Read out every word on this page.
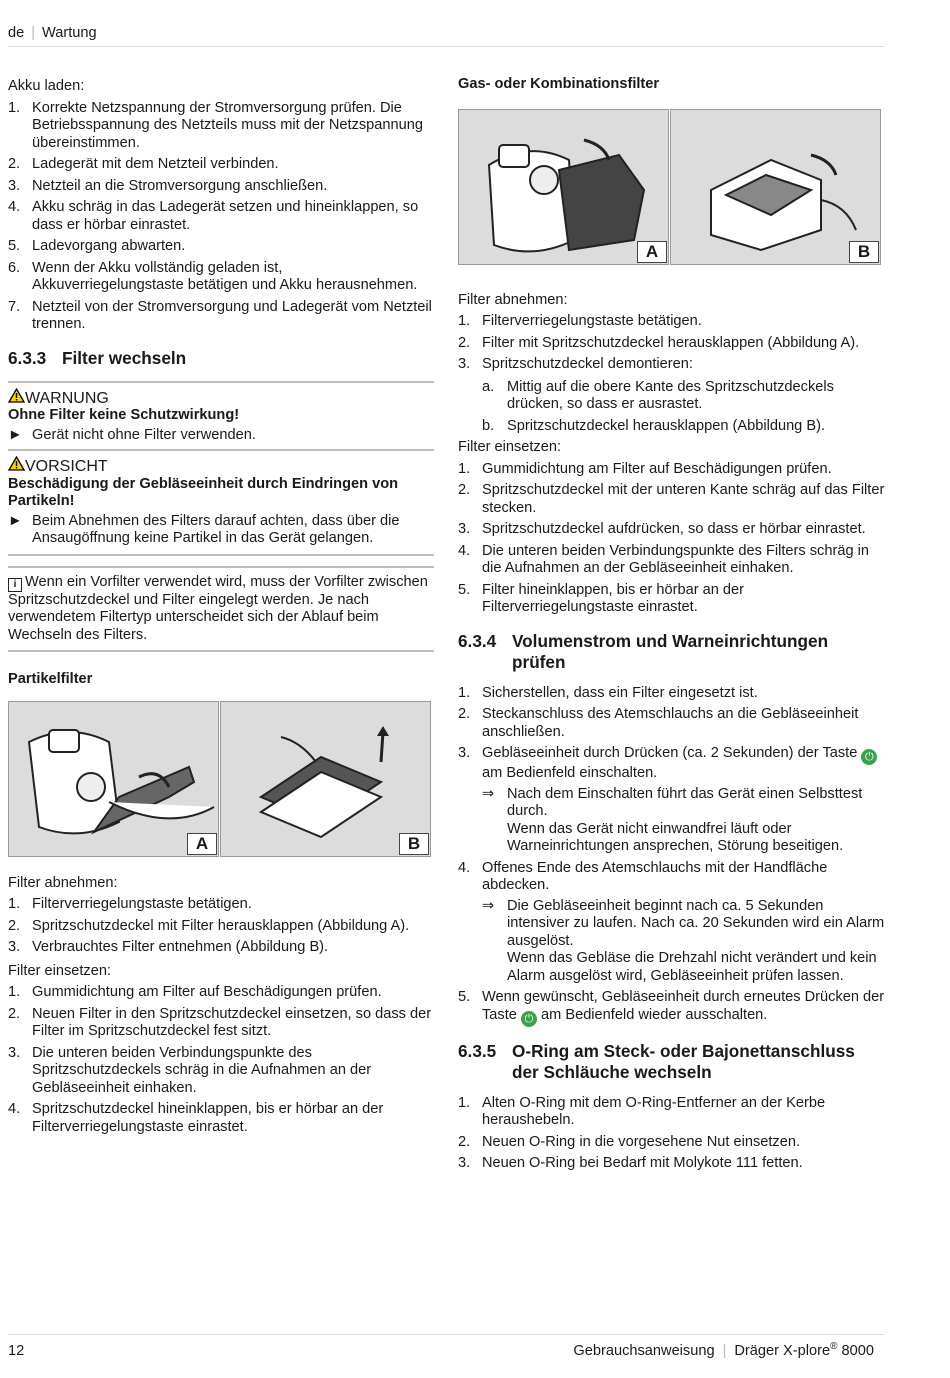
de | Wartung

Akku laden:

1. Korrekte Netzspannung der Stromversorgung prüfen. Die Betriebsspannung des Netzteils muss mit der Netzspannung übereinstimmen.
2. Ladegerät mit dem Netzteil verbinden.
3. Netzteil an die Stromversorgung anschließen.
4. Akku schräg in das Ladegerät setzen und hineinklappen, so dass er hörbar einrastet.
5. Ladevorgang abwarten.
6. Wenn der Akku vollständig geladen ist, Akkuverriegelungstaste betätigen und Akku herausnehmen.
7. Netzteil von der Stromversorgung und Ladegerät vom Netzteil trennen.
6.3.3 Filter wechseln
WARNUNG
Ohne Filter keine Schutzwirkung!
► Gerät nicht ohne Filter verwenden.
VORSICHT
Beschädigung der Gebläseeinheit durch Eindringen von Partikeln!
► Beim Abnehmen des Filters darauf achten, dass über die Ansaugöffnung keine Partikel in das Gerät gelangen.
i Wenn ein Vorfilter verwendet wird, muss der Vorfilter zwischen Spritzschutzdeckel und Filter eingelegt werden. Je nach verwendetem Filtertyp unterscheidet sich der Ablauf beim Wechseln des Filters.

Partikelfilter

A	B

Filter abnehmen:

1. Filterverriegelungstaste betätigen.
2. Spritzschutzdeckel mit Filter herausklappen (Abbildung A).
3. Verbrauchtes Filter entnehmen (Abbildung B).

Filter einsetzen:

1. Gummidichtung am Filter auf Beschädigungen prüfen.
2. Neuen Filter in den Spritzschutzdeckel einsetzen, so dass der Filter im Spritzschutzdeckel fest sitzt.
3. Die unteren beiden Verbindungspunkte des Spritzschutzdeckels schräg in die Aufnahmen an der Gebläseeinheit einhaken.
4. Spritzschutzdeckel hineinklappen, bis er hörbar an der Filterverriegelungstaste einrastet.

Gas- oder Kombinationsfilter

A	B

Filter abnehmen:

1. Filterverriegelungstaste betätigen.
2. Filter mit Spritzschutzdeckel herausklappen (Abbildung A).
3. Spritzschutzdeckel demontieren:
a. Mittig auf die obere Kante des Spritzschutzdeckels drücken, so dass er ausrastet.
b. Spritzschutzdeckel herausklappen (Abbildung B).

Filter einsetzen:

1. Gummidichtung am Filter auf Beschädigungen prüfen.
2. Spritzschutzdeckel mit der unteren Kante schräg auf das Filter stecken.
3. Spritzschutzdeckel aufdrücken, so dass er hörbar einrastet.
4. Die unteren beiden Verbindungspunkte des Filters schräg in die Aufnahmen an der Gebläseeinheit einhaken.
5. Filter hineinklappen, bis er hörbar an der Filterverriegelungstaste einrastet.
6.3.4 Volumenstrom und Warneinrichtungen prüfen
1. Sicherstellen, dass ein Filter eingesetzt ist.
2. Steckanschluss des Atemschlauchs an die Gebläseeinheit anschließen.
3. Gebläseeinheit durch Drücken (ca. 2 Sekunden) der Taste ⏻ am Bedienfeld einschalten.
⇒ Nach dem Einschalten führt das Gerät einen Selbsttest durch.
Wenn das Gerät nicht einwandfrei läuft oder Warneinrichtungen ansprechen, Störung beseitigen.
4. Offenes Ende des Atemschlauchs mit der Handfläche abdecken.
⇒ Die Gebläseeinheit beginnt nach ca. 5 Sekunden intensiver zu laufen. Nach ca. 20 Sekunden wird ein Alarm ausgelöst.
Wenn das Gebläse die Drehzahl nicht verändert und kein Alarm ausgelöst wird, Gebläseeinheit prüfen lassen.
5. Wenn gewünscht, Gebläseeinheit durch erneutes Drücken der Taste ⏻ am Bedienfeld wieder ausschalten.
6.3.5 O-Ring am Steck- oder Bajonettanschluss der Schläuche wechseln
1. Alten O-Ring mit dem O-Ring-Entferner an der Kerbe heraushebeln.
2. Neuen O-Ring in die vorgesehene Nut einsetzen.
3. Neuen O-Ring bei Bedarf mit Molykote 111 fetten.
12	Gebrauchsanweisung | Dräger X-plore® 8000
